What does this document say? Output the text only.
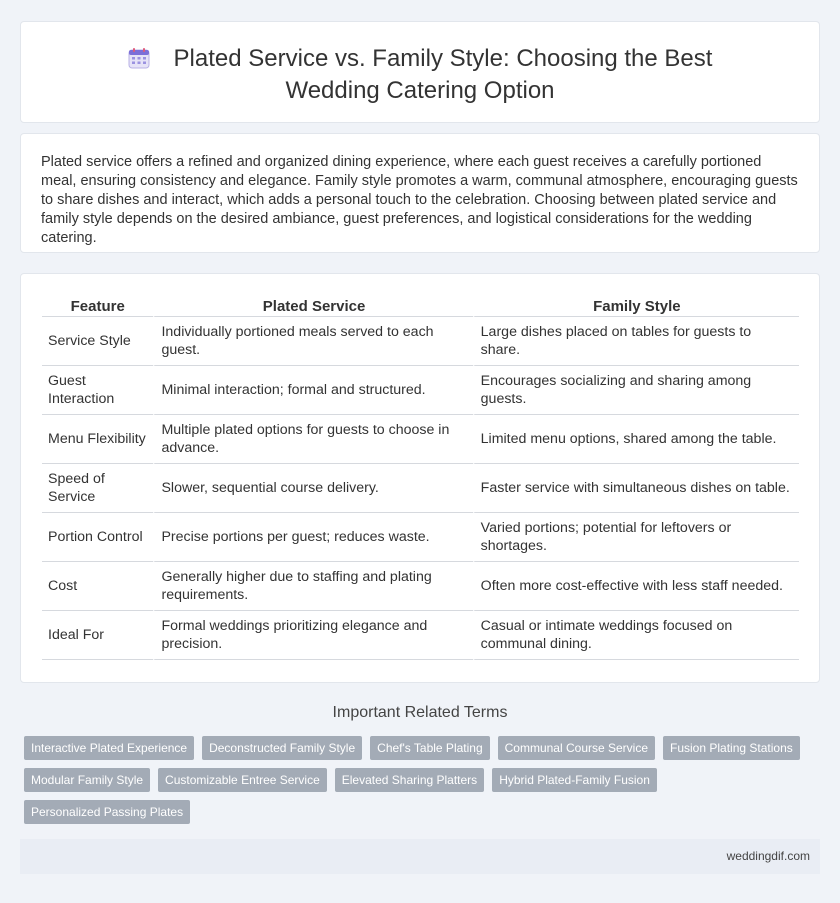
Plated Service vs. Family Style: Choosing the Best Wedding Catering Option
Plated service offers a refined and organized dining experience, where each guest receives a carefully portioned meal, ensuring consistency and elegance. Family style promotes a warm, communal atmosphere, encouraging guests to share dishes and interact, which adds a personal touch to the celebration. Choosing between plated service and family style depends on the desired ambiance, guest preferences, and logistical considerations for the wedding catering.
Feature	Plated Service	Family Style
Service Style	Individually portioned meals served to each guest.	Large dishes placed on tables for guests to share.
Guest Interaction	Minimal interaction; formal and structured.	Encourages socializing and sharing among guests.
Menu Flexibility	Multiple plated options for guests to choose in advance.	Limited menu options, shared among the table.
Speed of Service	Slower, sequential course delivery.	Faster service with simultaneous dishes on table.
Portion Control	Precise portions per guest; reduces waste.	Varied portions; potential for leftovers or shortages.
Cost	Generally higher due to staffing and plating requirements.	Often more cost-effective with less staff needed.
Ideal For	Formal weddings prioritizing elegance and precision.	Casual or intimate weddings focused on communal dining.
Important Related Terms
Interactive Plated Experience	Deconstructed Family Style	Chef's Table Plating	Communal Course Service	Fusion Plating Stations
Modular Family Style	Customizable Entree Service	Elevated Sharing Platters	Hybrid Plated-Family Fusion
Personalized Passing Plates
weddingdif.com
